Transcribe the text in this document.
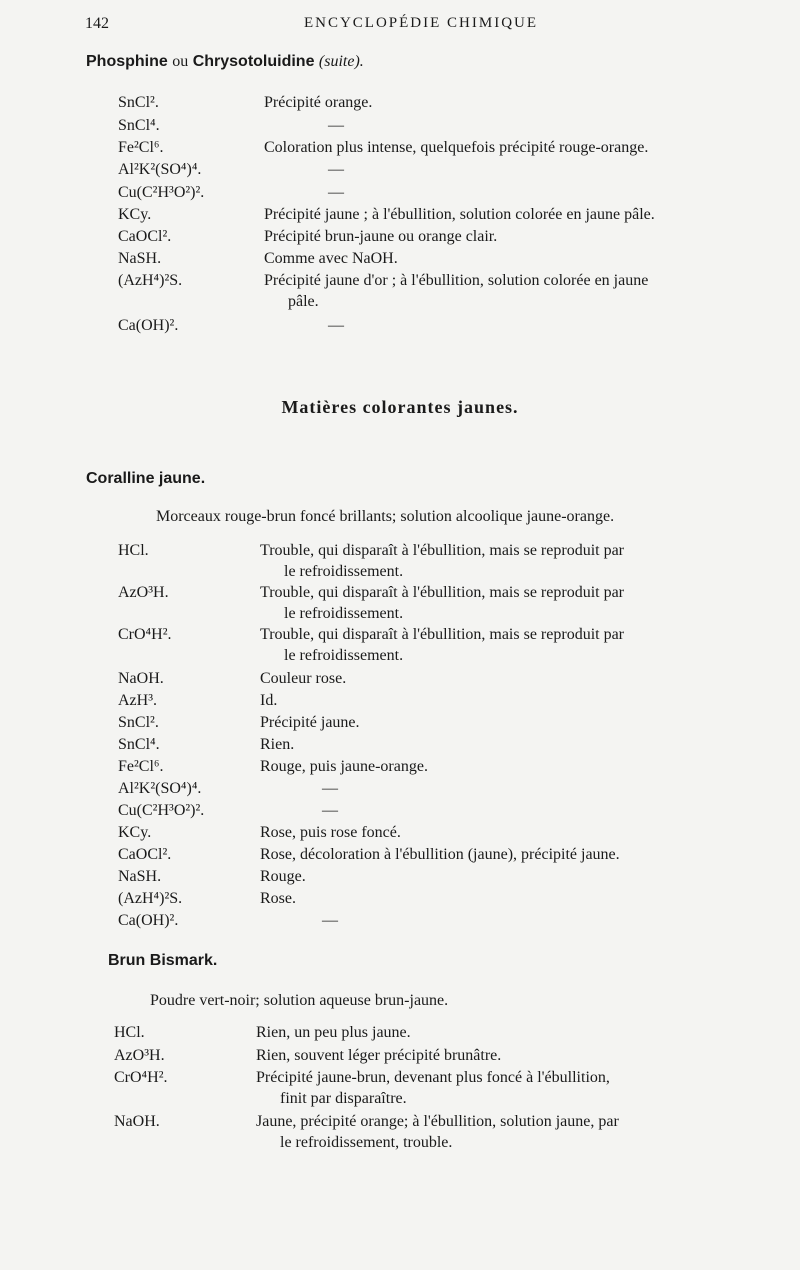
142	ENCYCLOPÉDIE CHIMIQUE
Phosphine ou Chrysotoluidine (suite).
SnCl².	Précipité orange.
SnCl⁴.	—
Fe²Cl⁶.	Coloration plus intense, quelquefois précipité rouge-orange.
Al²K²(SO⁴)⁴.	—
Cu(C²H³O²)².	—
KCy.	Précipité jaune ; à l'ébullition, solution colorée en jaune pâle.
CaOCl².	Précipité brun-jaune ou orange clair.
NaSH.	Comme avec NaOH.
(AzH⁴)²S.	Précipité jaune d'or ; à l'ébullition, solution colorée en jaune
pâle.
Ca(OH)².	—
Matières colorantes jaunes.
Coralline jaune.
Morceaux rouge-brun foncé brillants; solution alcoolique jaune-orange.
HCl.	Trouble, qui disparaît à l'ébullition, mais se reproduit par
le refroidissement.
AzO³H.	Trouble, qui disparaît à l'ébullition, mais se reproduit par
le refroidissement.
CrO⁴H².	Trouble, qui disparaît à l'ébullition, mais se reproduit par
le refroidissement.
NaOH.	Couleur rose.
AzH³.	Id.
SnCl².	Précipité jaune.
SnCl⁴.	Rien.
Fe²Cl⁶.	Rouge, puis jaune-orange.
Al²K²(SO⁴)⁴.	—
Cu(C²H³O²)².	—
KCy.	Rose, puis rose foncé.
CaOCl².	Rose, décoloration à l'ébullition (jaune), précipité jaune.
NaSH.	Rouge.
(AzH⁴)²S.	Rose.
Ca(OH)².	—
Brun Bismark.
Poudre vert-noir; solution aqueuse brun-jaune.
HCl.	Rien, un peu plus jaune.
AzO³H.	Rien, souvent léger précipité brunâtre.
CrO⁴H².	Précipité jaune-brun, devenant plus foncé à l'ébullition,
finit par disparaître.
NaOH.	Jaune, précipité orange; à l'ébullition, solution jaune, par
le refroidissement, trouble.
